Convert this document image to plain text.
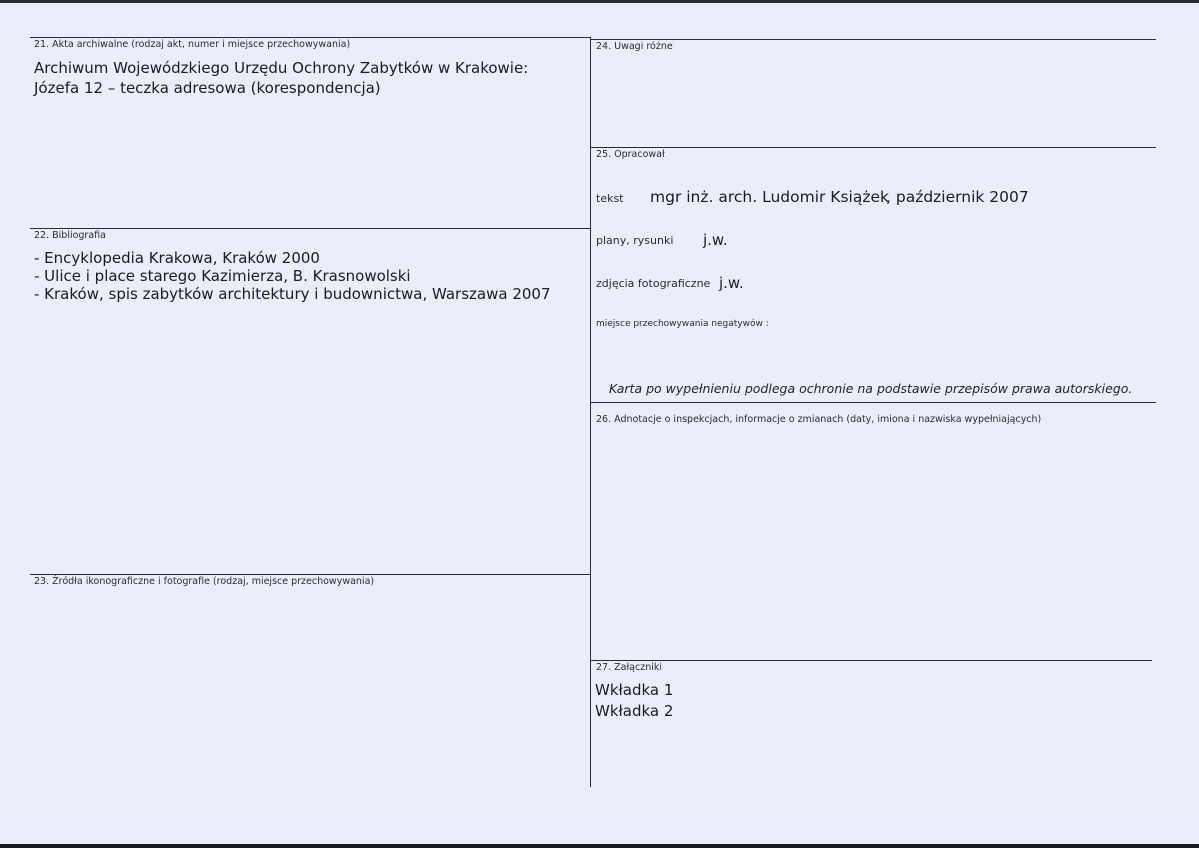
21. Akta archiwalne (rodzaj akt, numer i miejsce przechowywania)
Archiwum Wojewódzkiego Urzędu Ochrony Zabytków w Krakowie:
Józefa 12 – teczka adresowa (korespondencja)
22. Bibliografia
- Encyklopedia Krakowa, Kraków 2000
- Ulice i place starego Kazimierza, B. Krasnowolski
- Kraków, spis zabytków architektury i budownictwa, Warszawa 2007
23. Źródła ikonograficzne i fotografie (rodzaj, miejsce przechowywania)
24. Uwagi różne
25. Opracował
tekst mgr inż. arch. Ludomir Książek
, październik 2007
plany, rysunki j.w.
zdjęcia fotograficzne j.w.
miejsce przechowywania negatywów :
Karta po wypełnieniu podlega ochronie na podstawie przepisów prawa autorskiego.
26. Adnotacje o inspekcjach, informacje o zmianach (daty, imiona i nazwiska wypełniających)
27. Załączniki
Wkładka 1
Wkładka 2
